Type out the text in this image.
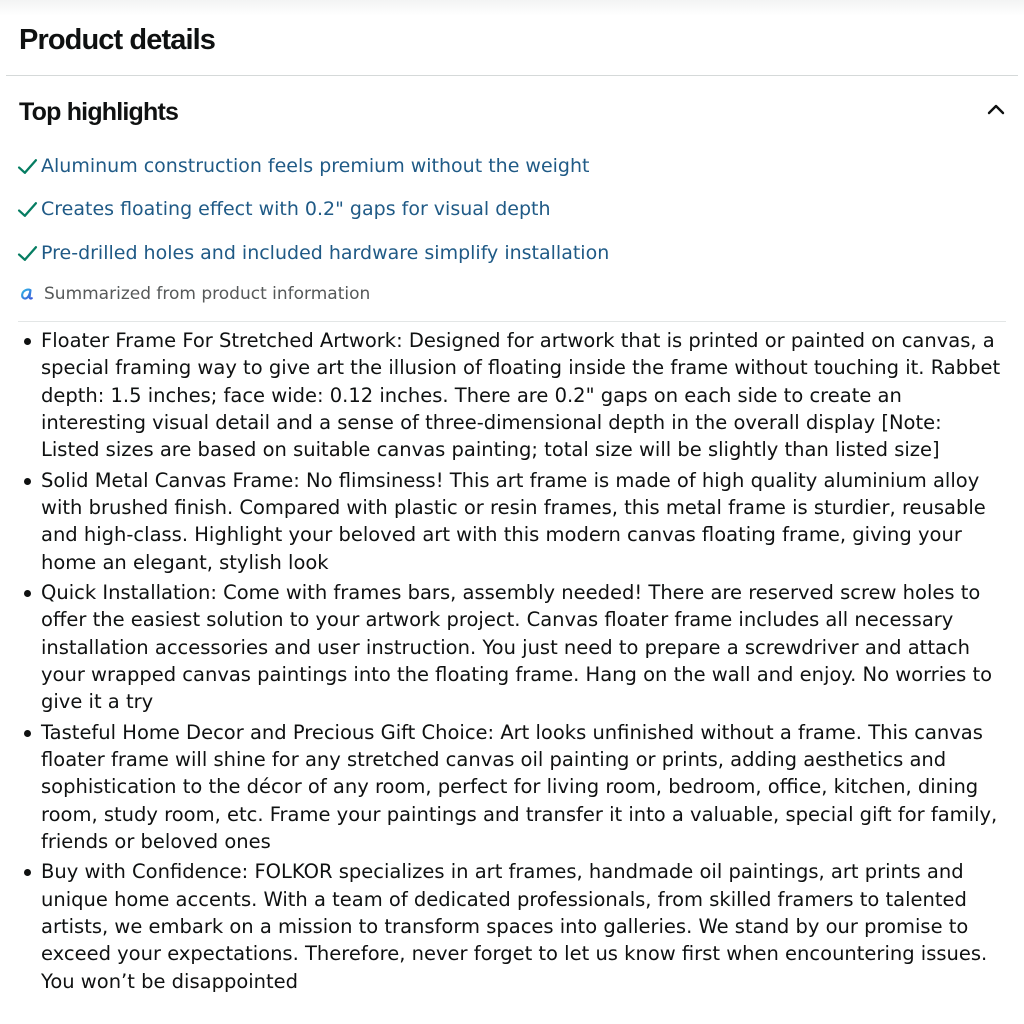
Product details
Top highlights
Aluminum construction feels premium without the weight
Creates floating effect with 0.2" gaps for visual depth
Pre-drilled holes and included hardware simplify installation
Summarized from product information
Floater Frame For Stretched Artwork: Designed for artwork that is printed or painted on canvas, a special framing way to give art the illusion of floating inside the frame without touching it. Rabbet depth: 1.5 inches; face wide: 0.12 inches. There are 0.2" gaps on each side to create an interesting visual detail and a sense of three-dimensional depth in the overall display [Note: Listed sizes are based on suitable canvas painting; total size will be slightly than listed size]
Solid Metal Canvas Frame: No flimsiness! This art frame is made of high quality aluminium alloy with brushed finish. Compared with plastic or resin frames, this metal frame is sturdier, reusable and high-class. Highlight your beloved art with this modern canvas floating frame, giving your home an elegant, stylish look
Quick Installation: Come with frames bars, assembly needed! There are reserved screw holes to offer the easiest solution to your artwork project. Canvas floater frame includes all necessary installation accessories and user instruction. You just need to prepare a screwdriver and attach your wrapped canvas paintings into the floating frame. Hang on the wall and enjoy. No worries to give it a try
Tasteful Home Decor and Precious Gift Choice: Art looks unfinished without a frame. This canvas floater frame will shine for any stretched canvas oil painting or prints, adding aesthetics and sophistication to the décor of any room, perfect for living room, bedroom, office, kitchen, dining room, study room, etc. Frame your paintings and transfer it into a valuable, special gift for family, friends or beloved ones
Buy with Confidence: FOLKOR specializes in art frames, handmade oil paintings, art prints and unique home accents. With a team of dedicated professionals, from skilled framers to talented artists, we embark on a mission to transform spaces into galleries. We stand by our promise to exceed your expectations. Therefore, never forget to let us know first when encountering issues. You won’t be disappointed
